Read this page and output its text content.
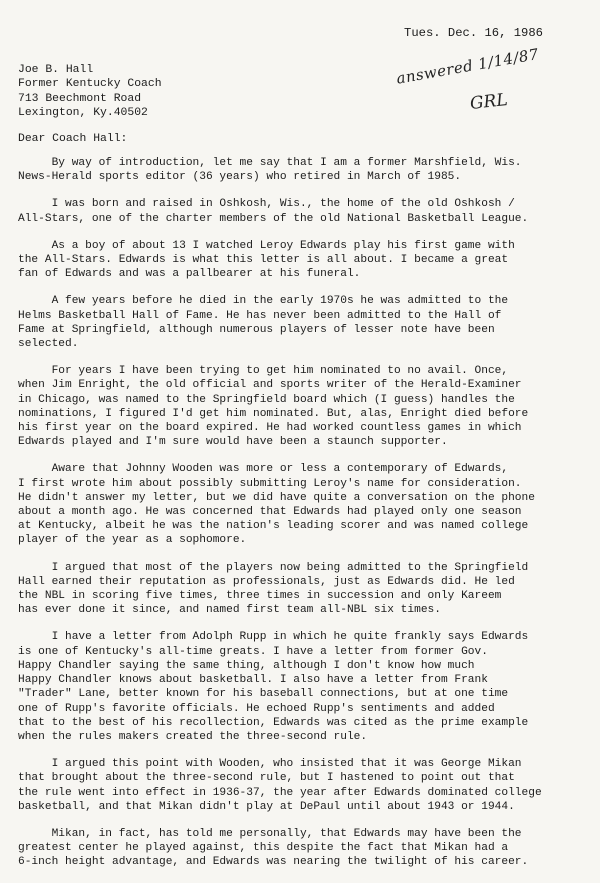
Tues. Dec. 16, 1986
Joe B. Hall
Former Kentucky Coach
713 Beechmont Road
Lexington, Ky.40502
answered 1/14/87
GRL
Dear Coach Hall:
By way of introduction, let me say that I am a former Marshfield, Wis.
News-Herald sports editor (36 years) who retired in March of 1985.
I was born and raised in Oshkosh, Wis., the home of the old Oshkosh /
All-Stars, one of the charter members of the old National Basketball League.
As a boy of about 13 I watched Leroy Edwards play his first game with
the All-Stars. Edwards is what this letter is all about. I became a great
fan of Edwards and was a pallbearer at his funeral.
A few years before he died in the early 1970s he was admitted to the
Helms Basketball Hall of Fame. He has never been admitted to the Hall of
Fame at Springfield, although numerous players of lesser note have been
selected.
For years I have been trying to get him nominated to no avail. Once,
when Jim Enright, the old official and sports writer of the Herald-Examiner
in Chicago, was named to the Springfield board which (I guess) handles the
nominations, I figured I'd get him nominated. But, alas, Enright died before
his first year on the board expired. He had worked countless games in which
Edwards played and I'm sure would have been a staunch supporter.
Aware that Johnny Wooden was more or less a contemporary of Edwards,
I first wrote him about possibly submitting Leroy's name for consideration.
He didn't answer my letter, but we did have quite a conversation on the phone
about a month ago. He was concerned that Edwards had played only one season
at Kentucky, albeit he was the nation's leading scorer and was named college
player of the year as a sophomore.
I argued that most of the players now being admitted to the Springfield
Hall earned their reputation as professionals, just as Edwards did. He led
the NBL in scoring five times, three times in succession and only Kareem
has ever done it since, and named first team all-NBL six times.
I have a letter from Adolph Rupp in which he quite frankly says Edwards
is one of Kentucky's all-time greats. I have a letter from former Gov.
Happy Chandler saying the same thing, although I don't know how much
Happy Chandler knows about basketball. I also have a letter from Frank
"Trader" Lane, better known for his baseball connections, but at one time
one of Rupp's favorite officials. He echoed Rupp's sentiments and added
that to the best of his recollection, Edwards was cited as the prime example
when the rules makers created the three-second rule.
I argued this point with Wooden, who insisted that it was George Mikan
that brought about the three-second rule, but I hastened to point out that
the rule went into effect in 1936-37, the year after Edwards dominated college
basketball, and that Mikan didn't play at DePaul until about 1943 or 1944.
Mikan, in fact, has told me personally, that Edwards may have been the
greatest center he played against, this despite the fact that Mikan had a
6-inch height advantage, and Edwards was nearing the twilight of his career.
